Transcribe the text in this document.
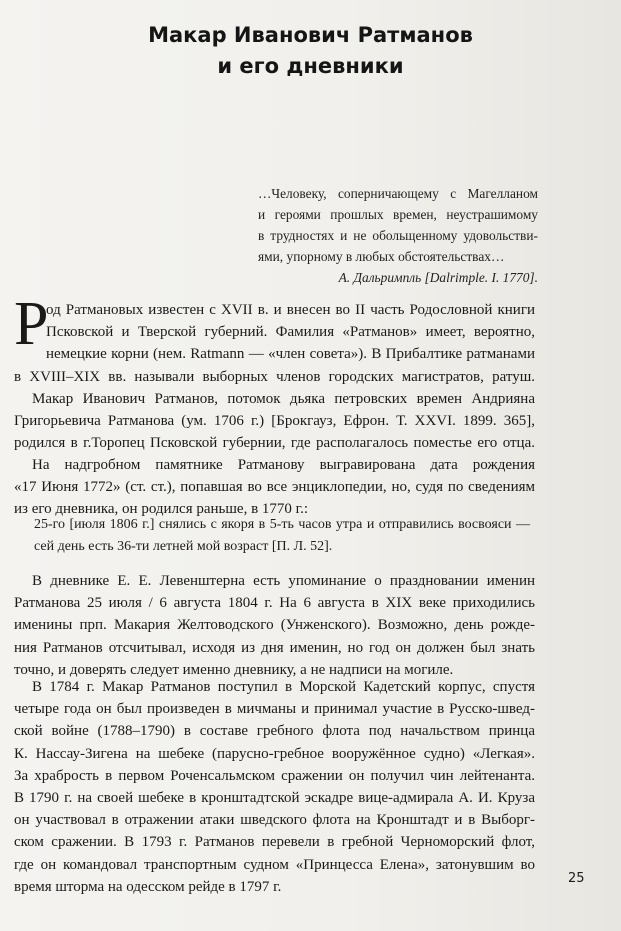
Макар Иванович Ратманов
и его дневники
…Человеку, соперничающему с Магелланом
и героями прошлых времен, неустрашимому
в трудностях и не обольщенному удовольстви-
ями, упорному в любых обстоятельствах…
А. Дальримпль [Dalrimple. I. 1770].
Р
од Ратмановых известен с XVII в. и внесен во II часть Родословной книги
Псковской и Тверской губерний. Фамилия «Ратманов» имеет, вероятно,
немецкие корни (нем. Ratmann — «член совета»). В Прибалтике ратманами
в XVIII–XIX вв. называли выборных членов городских магистратов, ратуш.
Макар Иванович Ратманов, потомок дьяка петровских времен Андрияна
Григорьевича Ратманова (ум. 1706 г.) [Брокгауз, Ефрон. Т. XXVI. 1899. 365],
родился в г.Торопец Псковской губернии, где располагалось поместье его отца.
На надгробном памятнике Ратманову выгравирована дата рождения
«17 Июня 1772» (ст. ст.), попавшая во все энциклопедии, но, судя по сведениям
из его дневника, он родился раньше, в 1770 г.:
25-го [июля 1806 г.] снялись с якоря в 5-ть часов утра и отправились восвояси —
сей день есть 36-ти летней мой возраст [П. Л. 52].
В дневнике Е. Е. Левенштерна есть упоминание о праздновании именин
Ратманова 25 июля / 6 августа 1804 г. На 6 августа в XIX веке приходились
именины прп. Макария Желтоводского (Унженского). Возможно, день рожде-
ния Ратманов отсчитывал, исходя из дня именин, но год он должен был знать
точно, и доверять следует именно дневнику, а не надписи на могиле.
В 1784 г. Макар Ратманов поступил в Морской Кадетский корпус, спустя
четыре года он был произведен в мичманы и принимал участие в Русско-швед-
ской войне (1788–1790) в составе гребного флота под начальством принца
К. Нассау-Зигена на шебеке (парусно-гребное вооружённое судно) «Легкая».
За храбрость в первом Роченсальмском сражении он получил чин лейтенанта.
В 1790 г. на своей шебеке в кронштадтской эскадре вице-адмирала А. И. Круза
он участвовал в отражении атаки шведского флота на Кронштадт и в Выборг-
ском сражении. В 1793 г. Ратманов перевели в гребной Черноморский флот,
где он командовал транспортным судном «Принцесса Елена», затонувшим во
время шторма на одесском рейде в 1797 г.
25
